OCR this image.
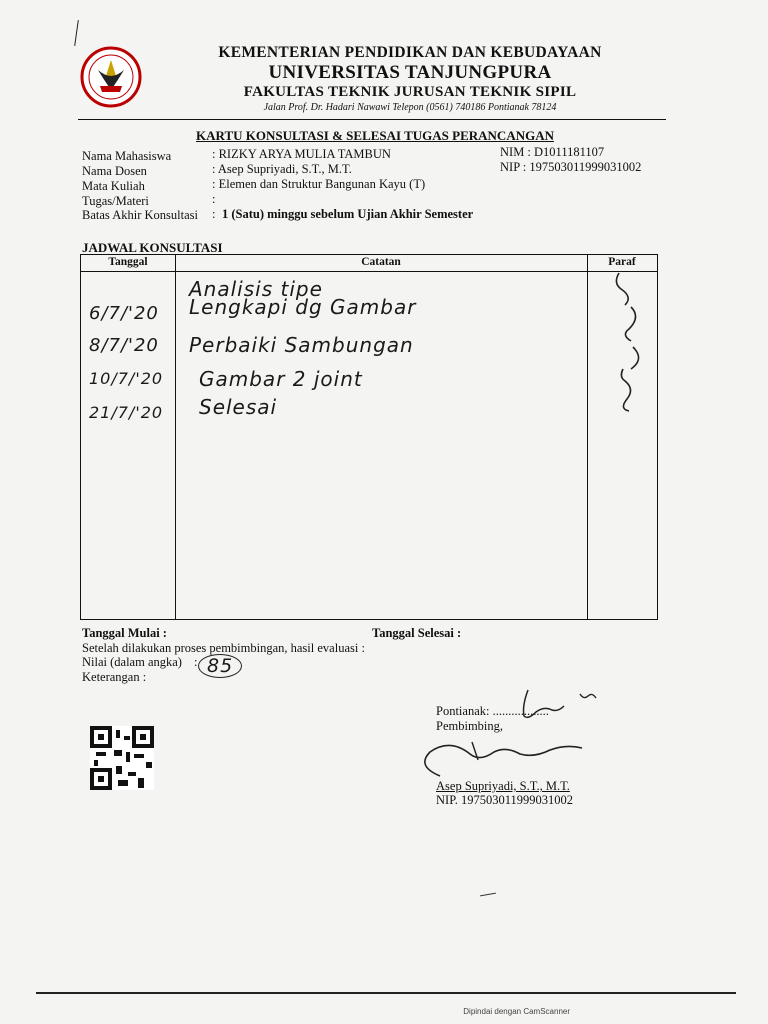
KEMENTERIAN PENDIDIKAN DAN KEBUDAYAAN

UNIVERSITAS TANJUNGPURA

FAKULTAS TEKNIK JURUSAN TEKNIK SIPIL

Jalan Prof. Dr. Hadari Nawawi Telepon (0561) 740186 Pontianak 78124

KARTU KONSULTASI & SELESAI TUGAS PERANCANGAN
Nama Mahasiswa	: RIZKY ARYA MULIA TAMBUN	NIM : D1011181107
Nama Dosen	: Asep Supriyadi, S.T., M.T.	NIP : 197503011999031002
Mata Kuliah	: Elemen dan Struktur Bangunan Kayu (T)
Tugas/Materi	:
Batas Akhir Konsultasi : 1 (Satu) minggu sebelum Ujian Akhir Semester
JADWAL KONSULTASI
Tanggal	Catatan	Paraf
Analisis tipe
6/7/'20 Lengkapi dg Gambar
8/7/'20 Perbaiki Sambungan
10/7/'20 Gambar 2 joint
21/7/'20 Selesai
Tanggal Mulai :	Tanggal Selesai :
Setelah dilakukan proses pembimbingan, hasil evaluasi :
Nilai (dalam angka) : 85
Keterangan :
Pontianak: ..................
Pembimbing,
Asep Supriyadi, S.T., M.T.
NIP. 197503011999031002
Dipindai dengan CamScanner
